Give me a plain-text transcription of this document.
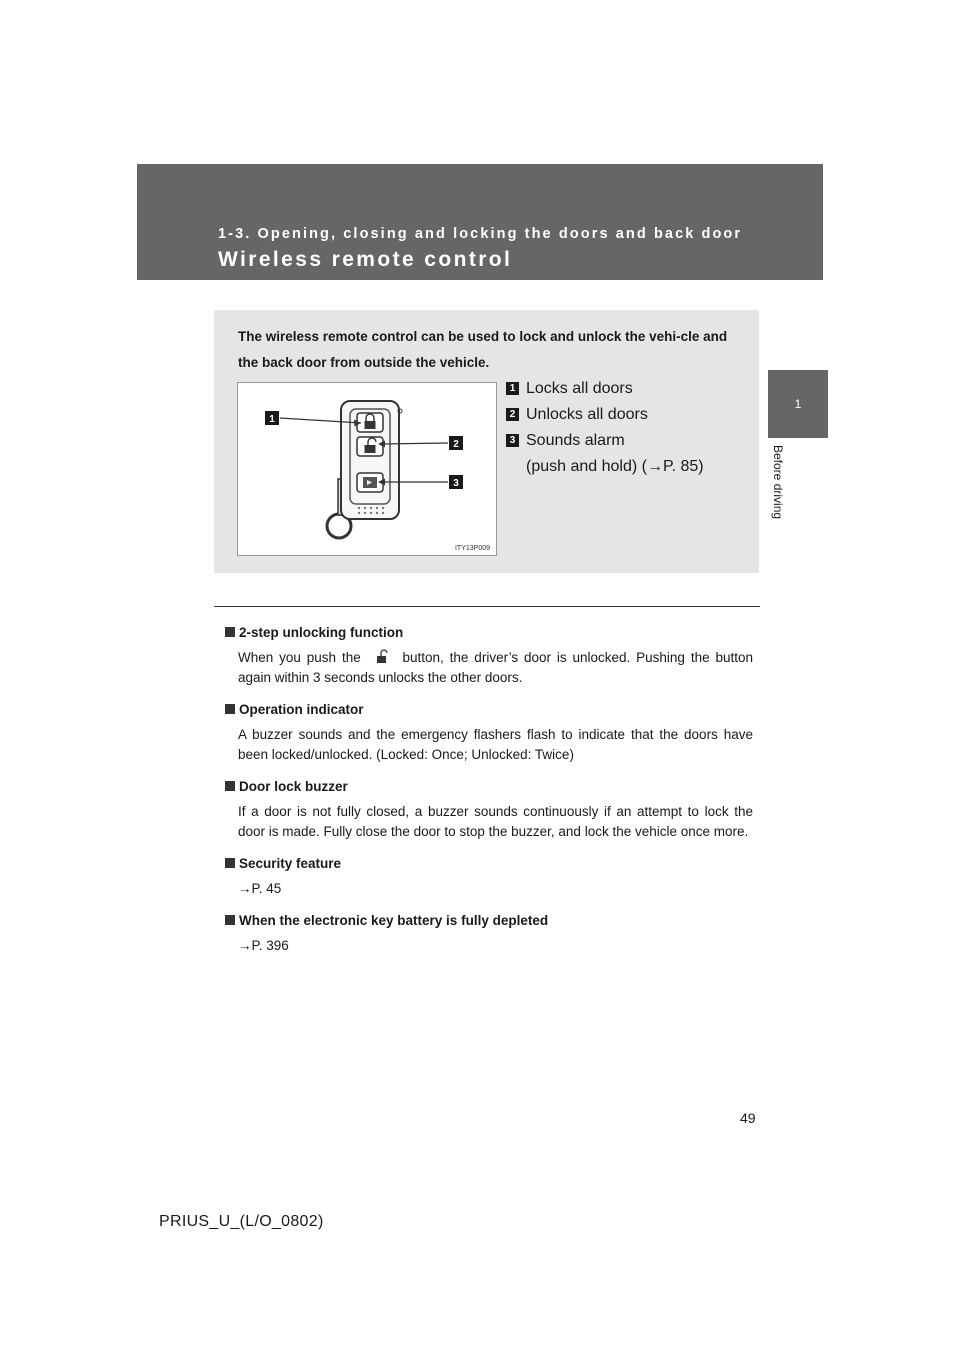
1-3. Opening, closing and locking the doors and back door
Wireless remote control
1
Before driving
The wireless remote control can be used to lock and unlock the vehi-cle and the back door from outside the vehicle.
1
2
3
ITY13P009
1 Locks all doors
2 Unlocks all doors
3 Sounds alarm
(push and hold) (→P. 85)
2-step unlocking function
When you push the	button, the driver’s door is unlocked. Pushing the button again within 3 seconds unlocks the other doors.
Operation indicator
A buzzer sounds and the emergency flashers flash to indicate that the doors have been locked/unlocked. (Locked: Once; Unlocked: Twice)
Door lock buzzer
If a door is not fully closed, a buzzer sounds continuously if an attempt to lock the door is made. Fully close the door to stop the buzzer, and lock the vehicle once more.
Security feature
→P. 45
When the electronic key battery is fully depleted
→P. 396
49
PRIUS_U_(L/O_0802)
